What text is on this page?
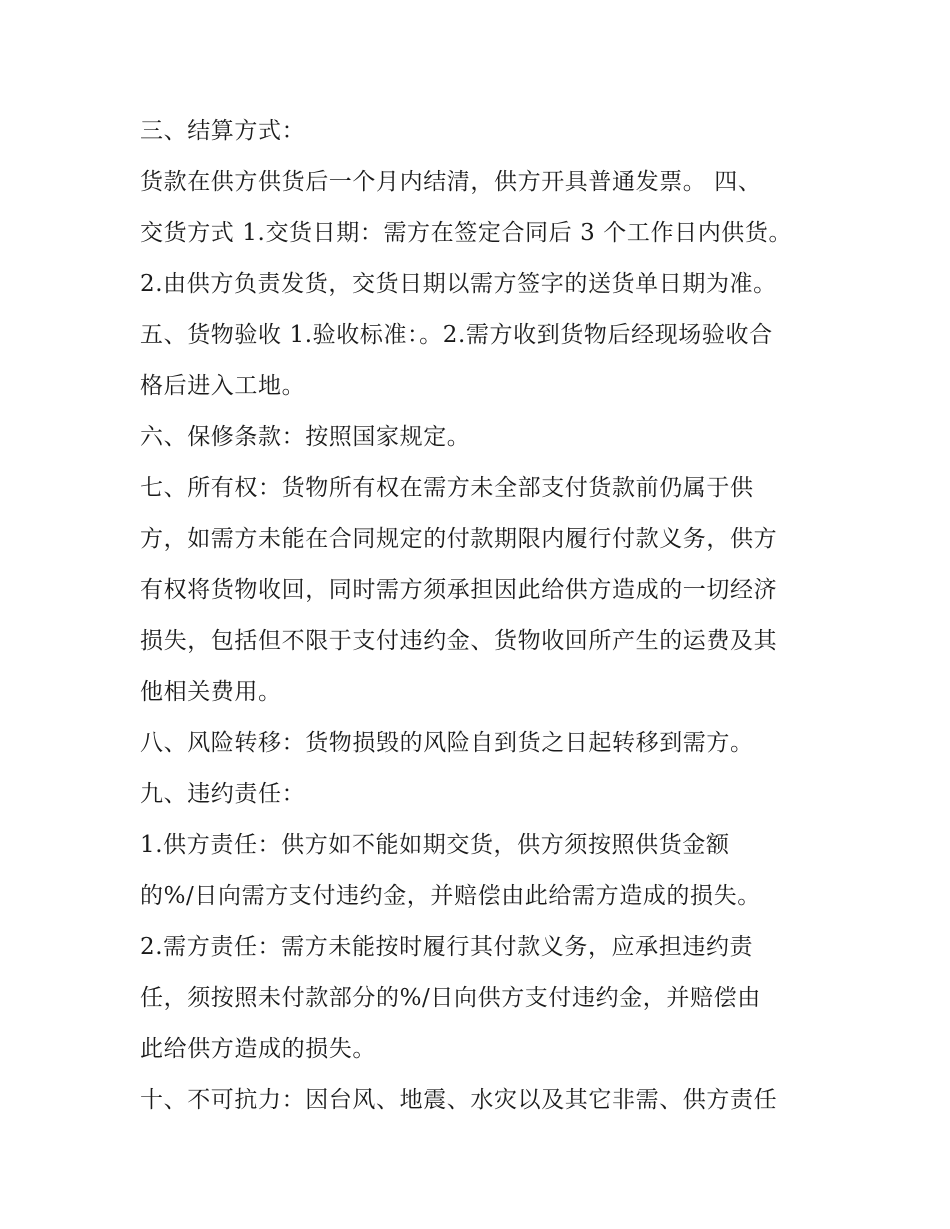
三、结算方式：
货款在供方供货后一个月内结清，供方开具普通发票。 四、
交货方式 1.交货日期：需方在签定合同后 3 个工作日内供货。
2.由供方负责发货，交货日期以需方签字的送货单日期为准。
五、货物验收 1.验收标准：。2.需方收到货物后经现场验收合
格后进入工地。
六、保修条款：按照国家规定。
七、所有权：货物所有权在需方未全部支付货款前仍属于供
方，如需方未能在合同规定的付款期限内履行付款义务，供方
有权将货物收回，同时需方须承担因此给供方造成的一切经济
损失，包括但不限于支付违约金、货物收回所产生的运费及其
他相关费用。
八、风险转移：货物损毁的风险自到货之日起转移到需方。
九、违约责任：
1.供方责任：供方如不能如期交货，供方须按照供货金额
的%/日向需方支付违约金，并赔偿由此给需方造成的损失。
2.需方责任：需方未能按时履行其付款义务，应承担违约责
任，须按照未付款部分的%/日向供方支付违约金，并赔偿由
此给供方造成的损失。
十、不可抗力：因台风、地震、水灾以及其它非需、供方责任
